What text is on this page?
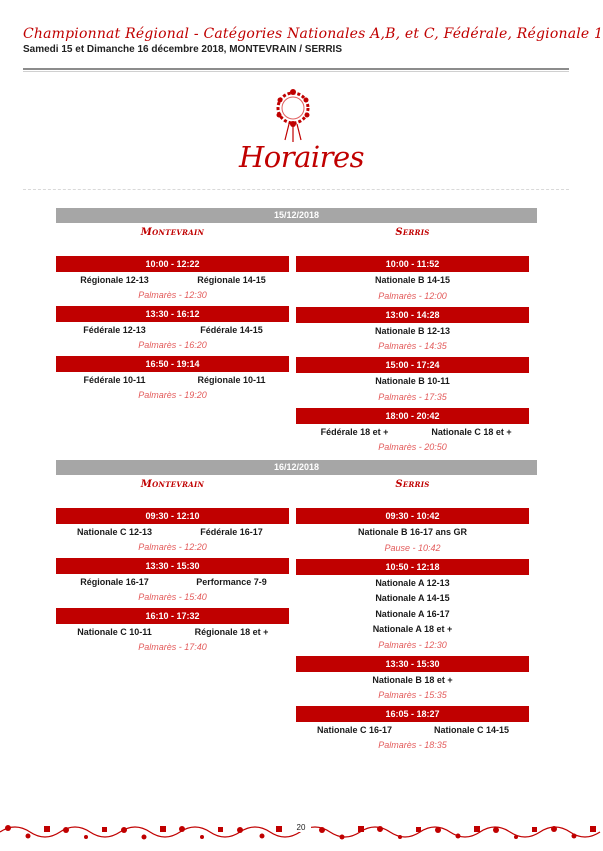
Championnat Régional - Catégories Nationales A,B, et C, Fédérale, Régionale 1
Samedi 15 et Dimanche 16 décembre 2018, MONTEVRAIN / SERRIS
Horaires
15/12/2018
Montevrain
10:00 - 12:22
Régionale 12-13	Régionale 14-15
Palmarès - 12:30
13:30 - 16:12
Fédérale 12-13	Fédérale 14-15
Palmarès - 16:20
16:50 - 19:14
Fédérale 10-11	Régionale 10-11
Palmarès - 19:20
Serris
10:00 - 11:52
Nationale B 14-15
Palmarès - 12:00
13:00 - 14:28
Nationale B 12-13
Palmarès - 14:35
15:00 - 17:24
Nationale B 10-11
Palmarès - 17:35
18:00 - 20:42
Fédérale 18 et +	Nationale C 18 et +
Palmarès - 20:50
16/12/2018
Montevrain
09:30 - 12:10
Nationale C 12-13	Fédérale 16-17
Palmarès - 12:20
13:30 - 15:30
Régionale 16-17	Performance 7-9
Palmarès - 15:40
16:10 - 17:32
Nationale C 10-11	Régionale 18 et +
Palmarès - 17:40
Serris
09:30 - 10:42
Nationale B 16-17 ans GR
Pause - 10:42
10:50 - 12:18
Nationale A 12-13
Nationale A 14-15
Nationale A 16-17
Nationale A 18 et +
Palmarès - 12:30
13:30 - 15:30
Nationale B 18 et +
Palmarès - 15:35
16:05 - 18:27
Nationale C 16-17	Nationale C 14-15
Palmarès - 18:35
20
